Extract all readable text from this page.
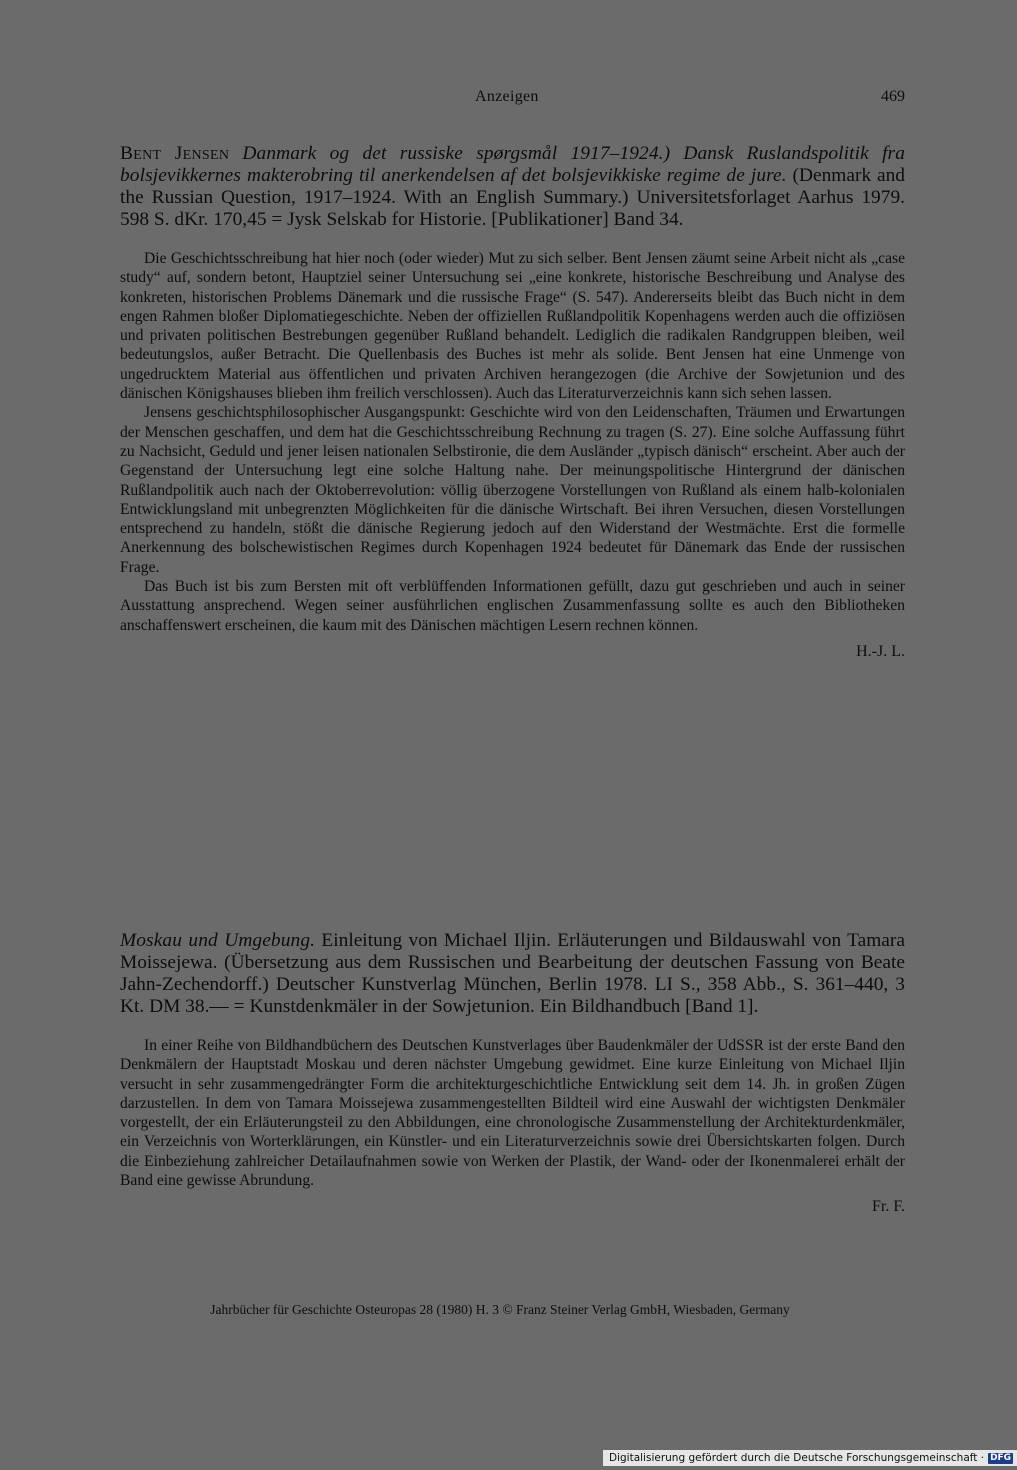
Anzeigen	469

Bent Jensen Danmark og det russiske spørgsmål 1917–1924.) Dansk Ruslandspolitik fra bolsjevikkernes makterobring til anerkendelsen af det bolsjevikkiske regime de jure. (Denmark and the Russian Question, 1917–1924. With an English Summary.) Universitetsforlaget Aarhus 1979. 598 S. dKr. 170,45 = Jysk Selskab for Historie. [Publikationer] Band 34.

Die Geschichtsschreibung hat hier noch (oder wieder) Mut zu sich selber. Bent Jensen zäumt seine Arbeit nicht als „case study“ auf, sondern betont, Hauptziel seiner Untersuchung sei „eine konkrete, historische Beschreibung und Analyse des konkreten, historischen Problems Dänemark und die russische Frage“ (S. 547). Andererseits bleibt das Buch nicht in dem engen Rahmen bloßer Diplomatiegeschichte. Neben der offiziellen Rußlandpolitik Kopenhagens werden auch die offiziösen und privaten politischen Bestrebungen gegenüber Rußland behandelt. Lediglich die radikalen Randgruppen bleiben, weil bedeutungslos, außer Betracht. Die Quellenbasis des Buches ist mehr als solide. Bent Jensen hat eine Unmenge von ungedrucktem Material aus öffentlichen und privaten Archiven herangezogen (die Archive der Sowjetunion und des dänischen Königshauses blieben ihm freilich verschlossen). Auch das Literaturverzeichnis kann sich sehen lassen.

Jensens geschichtsphilosophischer Ausgangspunkt: Geschichte wird von den Leidenschaften, Träumen und Erwartungen der Menschen geschaffen, und dem hat die Geschichtsschreibung Rechnung zu tragen (S. 27). Eine solche Auffassung führt zu Nachsicht, Geduld und jener leisen nationalen Selbstironie, die dem Ausländer „typisch dänisch“ erscheint. Aber auch der Gegenstand der Untersuchung legt eine solche Haltung nahe. Der meinungspolitische Hintergrund der dänischen Rußlandpolitik auch nach der Oktoberrevolution: völlig überzogene Vorstellungen von Rußland als einem halb-kolonialen Entwicklungsland mit unbegrenzten Möglichkeiten für die dänische Wirtschaft. Bei ihren Versuchen, diesen Vorstellungen entsprechend zu handeln, stößt die dänische Regierung jedoch auf den Widerstand der Westmächte. Erst die formelle Anerkennung des bolschewistischen Regimes durch Kopenhagen 1924 bedeutet für Dänemark das Ende der russischen Frage.

Das Buch ist bis zum Bersten mit oft verblüffenden Informationen gefüllt, dazu gut geschrieben und auch in seiner Ausstattung ansprechend. Wegen seiner ausführlichen englischen Zusammenfassung sollte es auch den Bibliotheken anschaffenswert erscheinen, die kaum mit des Dänischen mächtigen Lesern rechnen können.

H.-J. L.

Moskau und Umgebung. Einleitung von Michael Iljin. Erläuterungen und Bildauswahl von Tamara Moissejewa. (Übersetzung aus dem Russischen und Bearbeitung der deutschen Fassung von Beate Jahn-Zechendorff.) Deutscher Kunstverlag München, Berlin 1978. LI S., 358 Abb., S. 361–440, 3 Kt. DM 38.— = Kunstdenkmäler in der Sowjetunion. Ein Bildhandbuch [Band 1].

In einer Reihe von Bildhandbüchern des Deutschen Kunstverlages über Baudenkmäler der UdSSR ist der erste Band den Denkmälern der Hauptstadt Moskau und deren nächster Umgebung gewidmet. Eine kurze Einleitung von Michael Iljin versucht in sehr zusammengedrängter Form die architekturgeschichtliche Entwicklung seit dem 14. Jh. in großen Zügen darzustellen. In dem von Tamara Moissejewa zusammengestellten Bildteil wird eine Auswahl der wichtigsten Denkmäler vorgestellt, der ein Erläuterungsteil zu den Abbildungen, eine chronologische Zusammenstellung der Architekturdenkmäler, ein Verzeichnis von Worterklärungen, ein Künstler- und ein Literaturverzeichnis sowie drei Übersichtskarten folgen. Durch die Einbeziehung zahlreicher Detailaufnahmen sowie von Werken der Plastik, der Wand- oder der Ikonenmalerei erhält der Band eine gewisse Abrundung.

Fr. F.
Jahrbücher für Geschichte Osteuropas 28 (1980) H. 3 © Franz Steiner Verlag GmbH, Wiesbaden, Germany
Digitalisierung gefördert durch die Deutsche Forschungsgemeinschaft · DFG
